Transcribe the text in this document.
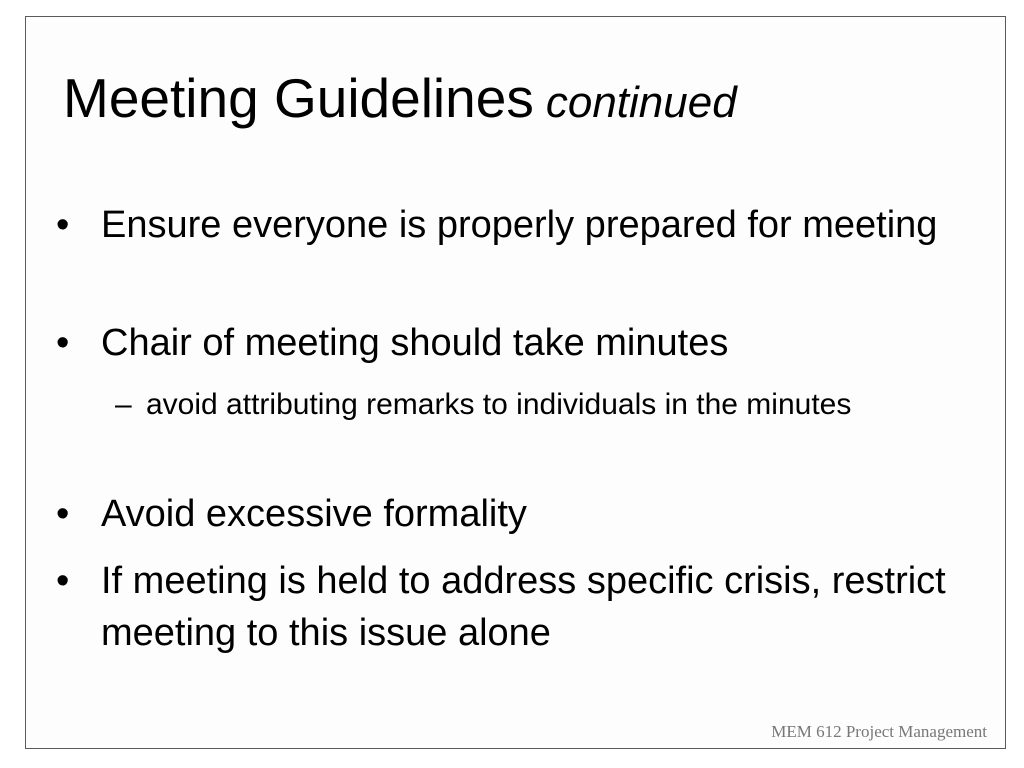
Meeting Guidelines continued
• Ensure everyone is properly prepared for meeting
• Chair of meeting should take minutes
– avoid attributing remarks to individuals in the minutes
• Avoid excessive formality
• If meeting is held to address specific crisis, restrict meeting to this issue alone
MEM 612 Project Management
